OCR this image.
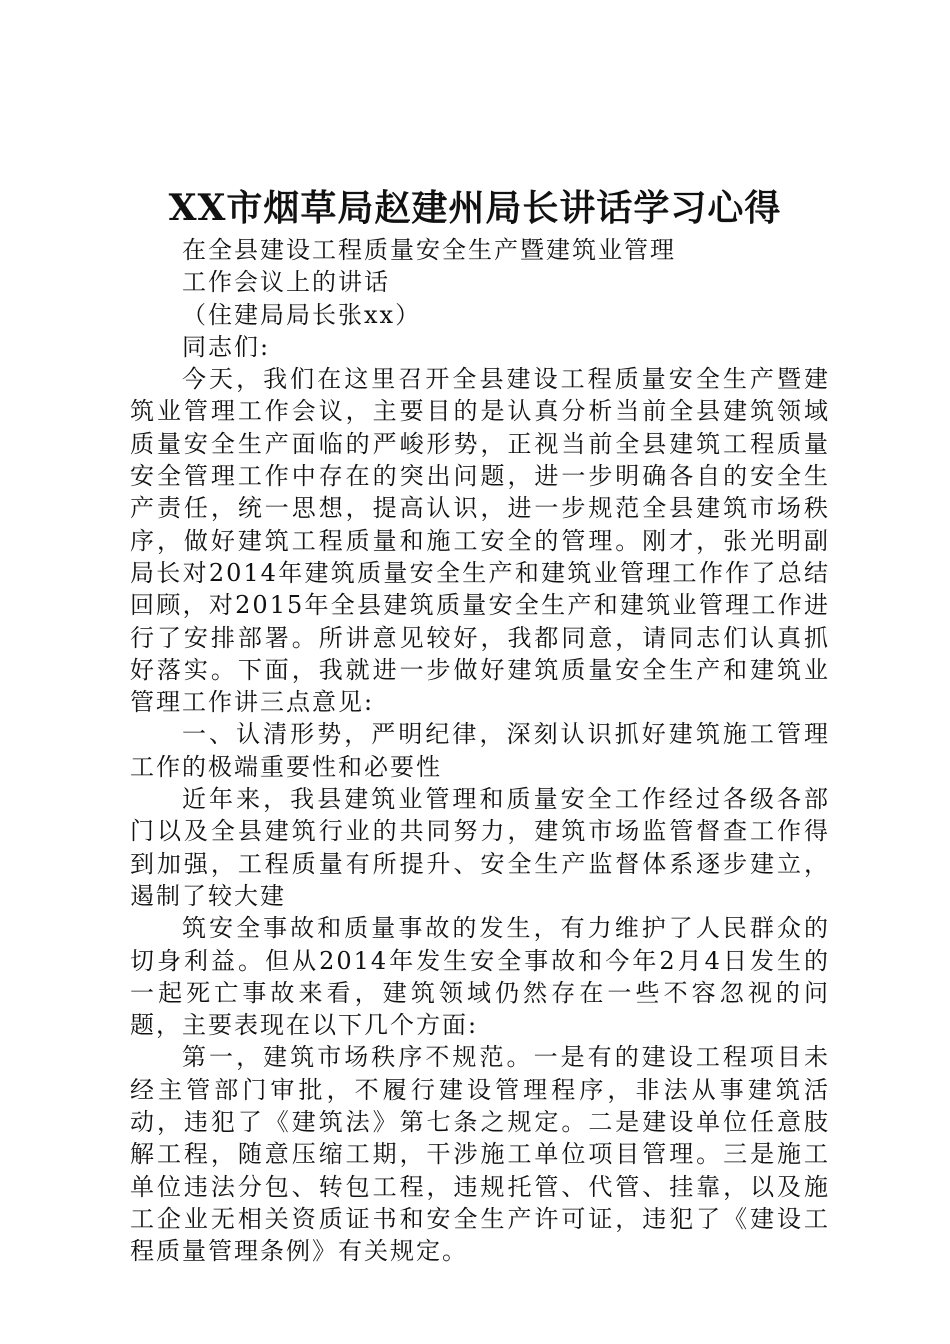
XX市烟草局赵建州局长讲话学习心得

在全县建设工程质量安全生产暨建筑业管理

工作会议上的讲话

（住建局局长张xx）

同志们:

今天，我们在这里召开全县建设工程质量安全生产暨建筑业管理工作会议，主要目的是认真分析当前全县建筑领域质量安全生产面临的严峻形势，正视当前全县建筑工程质量安全管理工作中存在的突出问题，进一步明确各自的安全生产责任，统一思想，提高认识，进一步规范全县建筑市场秩序，做好建筑工程质量和施工安全的管理。刚才，张光明副局长对2014年建筑质量安全生产和建筑业管理工作作了总结回顾，对2015年全县建筑质量安全生产和建筑业管理工作进行了安排部署。所讲意见较好，我都同意，请同志们认真抓好落实。下面，我就进一步做好建筑质量安全生产和建筑业管理工作讲三点意见:

一、认清形势，严明纪律，深刻认识抓好建筑施工管理工作的极端重要性和必要性

近年来，我县建筑业管理和质量安全工作经过各级各部门以及全县建筑行业的共同努力，建筑市场监管督查工作得到加强，工程质量有所提升、安全生产监督体系逐步建立，遏制了较大建

筑安全事故和质量事故的发生，有力维护了人民群众的切身利益。但从2014年发生安全事故和今年2月4日发生的一起死亡事故来看，建筑领域仍然存在一些不容忽视的问题，主要表现在以下几个方面:

第一，建筑市场秩序不规范。一是有的建设工程项目未经主管部门审批，不履行建设管理程序，非法从事建筑活动，违犯了《建筑法》第七条之规定。二是建设单位任意肢解工程，随意压缩工期，干涉施工单位项目管理。三是施工单位违法分包、转包工程，违规托管、代管、挂靠，以及施工企业无相关资质证书和安全生产许可证，违犯了《建设工程质量管理条例》有关规定。
